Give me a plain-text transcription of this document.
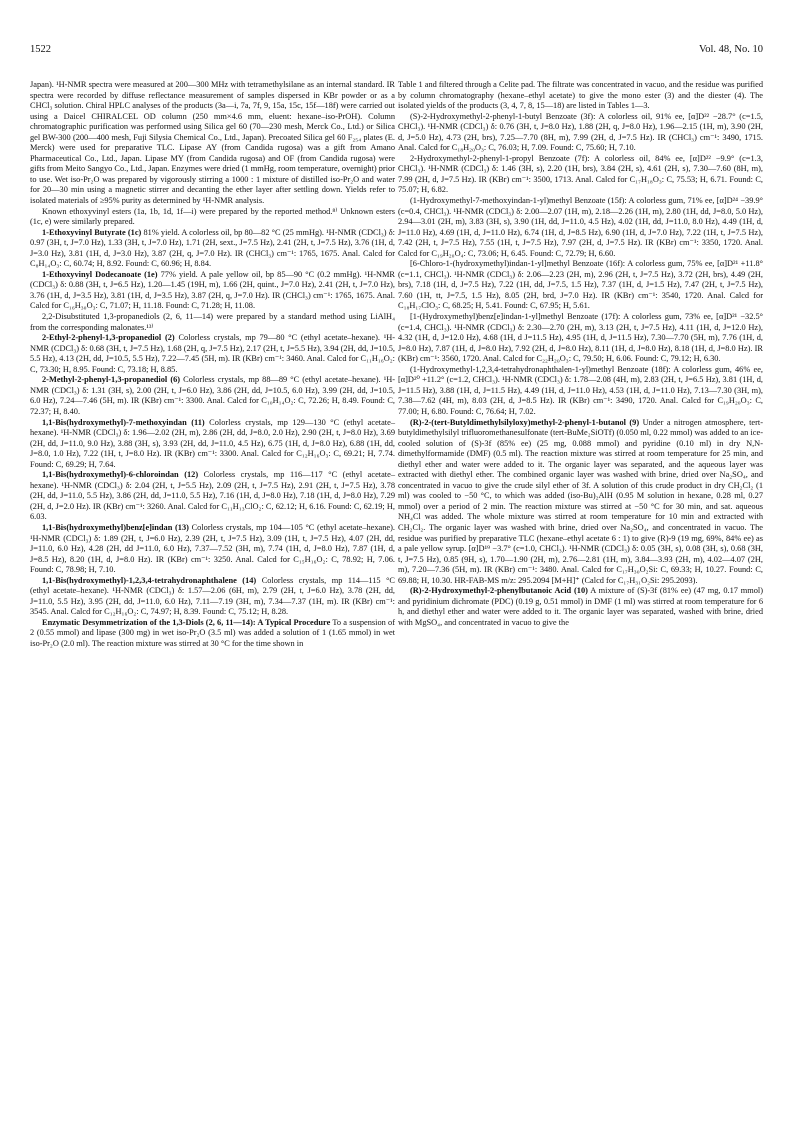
1522	Vol. 48, No. 10

Japan). ¹H-NMR spectra were measured at 200—300 MHz with tetramethylsilane as an internal standard. IR spectra were recorded by diffuse reflectance measurement of samples dispersed in KBr powder or as a CHCl₃ solution. Chiral HPLC analyses of the products (3a—i, 7a, 7f, 9, 15a, 15c, 15f—18f) were carried out using a Daicel CHIRALCEL OD column (250 mm×4.6 mm, eluent: hexane–iso-PrOH). Column chromatographic purification was performed using Silica gel 60 (70—230 mesh, Merck Co., Ltd.) or Silica gel BW-300 (200—400 mesh, Fuji Silysia Chemical Co., Ltd., Japan). Precoated Silica gel 60 F₂₅₄ plates (E. Merck) were used for preparative TLC. Lipase AY (from Candida rugosa) was a gift from Amano Pharmaceutical Co., Ltd., Japan. Lipase MY (from Candida rugosa) and OF (from Candida rugosa) were gifts from Meito Sangyo Co., Ltd., Japan. Enzymes were dried (1 mmHg, room temperature, overnight) prior to use. Wet iso-Pr₂O was prepared by vigorously stirring a 1000 : 1 mixture of distilled iso-Pr₂O and water for 20—30 min using a magnetic stirrer and decanting the ether layer after settling down. Yields refer to isolated materials of ≥95% purity as determined by ¹H-NMR analysis.

Known ethoxyvinyl esters (1a, 1b, 1d, 1f—i) were prepared by the reported method.⁸⁾ Unknown esters (1c, e) were similarly prepared.

1-Ethoxyvinyl Butyrate (1c) 81% yield. A colorless oil, bp 80—82 °C (25 mmHg). ¹H-NMR (CDCl₃) δ: 0.97 (3H, t, J=7.0 Hz), 1.33 (3H, t, J=7.0 Hz), 1.71 (2H, sext., J=7.5 Hz), 2.41 (2H, t, J=7.5 Hz), 3.76 (1H, d, J=3.0 Hz), 3.81 (1H, d, J=3.0 Hz), 3.87 (2H, q, J=7.0 Hz). IR (CHCl₃) cm⁻¹: 1765, 1675. Anal. Calcd for C₈H₁₄O₃: C, 60.74; H, 8.92. Found: C, 60.96; H, 8.84.

1-Ethoxyvinyl Dodecanoate (1e) 77% yield. A pale yellow oil, bp 85—90 °C (0.2 mmHg). ¹H-NMR (CDCl₃) δ: 0.88 (3H, t, J=6.5 Hz), 1.20—1.45 (19H, m), 1.66 (2H, quint., J=7.0 Hz), 2.41 (2H, t, J=7.0 Hz), 3.76 (1H, d, J=3.5 Hz), 3.81 (1H, d, J=3.5 Hz), 3.87 (2H, q, J=7.0 Hz). IR (CHCl₃) cm⁻¹: 1765, 1675. Anal. Calcd for C₁₆H₃₀O₃: C, 71.07; H, 11.18. Found: C, 71.28; H, 11.08.

2,2-Disubstituted 1,3-propanediols (2, 6, 11—14) were prepared by a standard method using LiAlH₄ from the corresponding malonates.¹³⁾

2-Ethyl-2-phenyl-1,3-propanediol (2) Colorless crystals, mp 79—80 °C (ethyl acetate–hexane). ¹H-NMR (CDCl₃) δ: 0.68 (3H, t, J=7.5 Hz), 1.68 (2H, q, J=7.5 Hz), 2.17 (2H, t, J=5.5 Hz), 3.94 (2H, dd, J=10.5, 5.5 Hz), 4.13 (2H, dd, J=10.5, 5.5 Hz), 7.22—7.45 (5H, m). IR (KBr) cm⁻¹: 3460. Anal. Calcd for C₁₁H₁₆O₂: C, 73.30; H, 8.95. Found: C, 73.18; H, 8.85.

2-Methyl-2-phenyl-1,3-propanediol (6) Colorless crystals, mp 88—89 °C (ethyl acetate–hexane). ¹H-NMR (CDCl₃) δ: 1.31 (3H, s), 2.00 (2H, t, J=6.0 Hz), 3.86 (2H, dd, J=10.5, 6.0 Hz), 3.99 (2H, dd, J=10.5, 6.0 Hz), 7.24—7.46 (5H, m). IR (KBr) cm⁻¹: 3300. Anal. Calcd for C₁₀H₁₄O₂: C, 72.26; H, 8.49. Found: C, 72.37; H, 8.40.

1,1-Bis(hydroxymethyl)-7-methoxyindan (11) Colorless crystals, mp 129—130 °C (ethyl acetate–hexane). ¹H-NMR (CDCl₃) δ: 1.96—2.02 (2H, m), 2.86 (2H, dd, J=8.0, 2.0 Hz), 2.90 (2H, t, J=8.0 Hz), 3.69 (2H, dd, J=11.0, 9.0 Hz), 3.88 (3H, s), 3.93 (2H, dd, J=11.0, 4.5 Hz), 6.75 (1H, d, J=8.0 Hz), 6.88 (1H, dd, J=8.0, 1.0 Hz), 7.22 (1H, t, J=8.0 Hz). IR (KBr) cm⁻¹: 3300. Anal. Calcd for C₁₂H₁₆O₃: C, 69.21; H, 7.74. Found: C, 69.29; H, 7.64.

1,1-Bis(hydroxymethyl)-6-chloroindan (12) Colorless crystals, mp 116—117 °C (ethyl acetate–hexane). ¹H-NMR (CDCl₃) δ: 2.04 (2H, t, J=5.5 Hz), 2.09 (2H, t, J=7.5 Hz), 2.91 (2H, t, J=7.5 Hz), 3.78 (2H, dd, J=11.0, 5.5 Hz), 3.86 (2H, dd, J=11.0, 5.5 Hz), 7.16 (1H, d, J=8.0 Hz), 7.18 (1H, d, J=8.0 Hz), 7.29 (2H, d, J=2.0 Hz). IR (KBr) cm⁻¹: 3260. Anal. Calcd for C₁₁H₁₃ClO₂: C, 62.12; H, 6.16. Found: C, 62.19; H, 6.03.

1,1-Bis(hydroxymethyl)benz[e]indan (13) Colorless crystals, mp 104—105 °C (ethyl acetate–hexane). ¹H-NMR (CDCl₃) δ: 1.89 (2H, t, J=6.0 Hz), 2.39 (2H, t, J=7.5 Hz), 3.09 (1H, t, J=7.5 Hz), 4.07 (2H, dd, J=11.0, 6.0 Hz), 4.28 (2H, dd J=11.0, 6.0 Hz), 7.37—7.52 (3H, m), 7.74 (1H, d, J=8.0 Hz), 7.87 (1H, d, J=8.5 Hz), 8.20 (1H, d, J=8.0 Hz). IR (KBr) cm⁻¹: 3250. Anal. Calcd for C₁₅H₁₆O₂: C, 78.92; H, 7.06. Found: C, 78.98; H, 7.10.

1,1-Bis(hydroxymethyl)-1,2,3,4-tetrahydronaphthalene (14) Colorless crystals, mp 114—115 °C (ethyl acetate–hexane). ¹H-NMR (CDCl₃) δ: 1.57—2.06 (6H, m), 2.79 (2H, t, J=6.0 Hz), 3.78 (2H, dd, J=11.0, 5.5 Hz), 3.95 (2H, dd, J=11.0, 6.0 Hz), 7.11—7.19 (3H, m), 7.34—7.37 (1H, m). IR (KBr) cm⁻¹: 3545. Anal. Calcd for C₁₂H₁₆O₂: C, 74.97; H, 8.39. Found: C, 75.12; H, 8.28.

Enzymatic Desymmetrization of the 1,3-Diols (2, 6, 11—14): A Typical Procedure To a suspension of 2 (0.55 mmol) and lipase (300 mg) in wet iso-Pr₂O (3.5 ml) was added a solution of 1 (1.65 mmol) in wet iso-Pr₂O (2.0 ml). The reaction mixture was stirred at 30 °C for the time shown in

Table 1 and filtered through a Celite pad. The filtrate was concentrated in vacuo, and the residue was purified by column chromatography (hexane–ethyl acetate) to give the mono ester (3) and the diester (4). The isolated yields of the products (3, 4, 7, 8, 15—18) are listed in Tables 1—3.

(S)-2-Hydroxymethyl-2-phenyl-1-butyl Benzoate (3f): A colorless oil, 91% ee, [α]D²² −28.7° (c=1.5, CHCl₃). ¹H-NMR (CDCl₃) δ: 0.76 (3H, t, J=8.0 Hz), 1.88 (2H, q, J=8.0 Hz), 1.96—2.15 (1H, m), 3.90 (2H, d, J=5.0 Hz), 4.73 (2H, brs), 7.25—7.70 (8H, m), 7.99 (2H, d, J=7.5 Hz). IR (CHCl₃) cm⁻¹: 3490, 1715. Anal. Calcd for C₁₈H₂₀O₃: C, 76.03; H, 7.09. Found: C, 75.60; H, 7.10.

2-Hydroxymethyl-2-phenyl-1-propyl Benzoate (7f): A colorless oil, 84% ee, [α]D²² −9.9° (c=1.3, CHCl₃). ¹H-NMR (CDCl₃) δ: 1.46 (3H, s), 2.20 (1H, brs), 3.84 (2H, s), 4.61 (2H, s), 7.30—7.60 (8H, m), 7.99 (2H, d, J=7.5 Hz). IR (KBr) cm⁻¹: 3500, 1713. Anal. Calcd for C₁₇H₁₈O₃: C, 75.53; H, 6.71. Found: C, 75.07; H, 6.82.

(1-Hydroxymethyl-7-methoxyindan-1-yl)methyl Benzoate (15f): A colorless gum, 71% ee, [α]D²⁴ −39.9° (c=0.4, CHCl₃). ¹H-NMR (CDCl₃) δ: 2.00—2.07 (1H, m), 2.18—2.26 (1H, m), 2.80 (1H, dd, J=8.0, 5.0 Hz), 2.94—3.01 (2H, m), 3.83 (3H, s), 3.90 (1H, dd, J=11.0, 4.5 Hz), 4.02 (1H, dd, J=11.0, 8.0 Hz), 4.49 (1H, d, J=11.0 Hz), 4.69 (1H, d, J=11.0 Hz), 6.74 (1H, d, J=8.5 Hz), 6.90 (1H, d, J=7.0 Hz), 7.22 (1H, t, J=7.5 Hz), 7.42 (2H, t, J=7.5 Hz), 7.55 (1H, t, J=7.5 Hz), 7.97 (2H, d, J=7.5 Hz). IR (KBr) cm⁻¹: 3350, 1720. Anal. Calcd for C₁₉H₂₀O₄: C, 73.06; H, 6.45. Found: C, 72.79; H, 6.60.

[6-Chloro-1-(hydroxymethyl)indan-1-yl]methyl Benzoate (16f): A colorless gum, 75% ee, [α]D²¹ +11.8° (c=1.1, CHCl₃). ¹H-NMR (CDCl₃) δ: 2.06—2.23 (2H, m), 2.96 (2H, t, J=7.5 Hz), 3.72 (2H, brs), 4.49 (2H, brs), 7.18 (1H, d, J=7.5 Hz), 7.22 (1H, dd, J=7.5, 1.5 Hz), 7.37 (1H, d, J=1.5 Hz), 7.47 (2H, t, J=7.5 Hz), 7.60 (1H, tt, J=7.5, 1.5 Hz), 8.05 (2H, brd, J=7.0 Hz). IR (KBr) cm⁻¹: 3540, 1720. Anal. Calcd for C₁₈H₁₇ClO₃: C, 68.25; H, 5.41. Found: C, 67.95; H, 5.61.

[1-(Hydroxymethyl)benz[e]indan-1-yl]methyl Benzoate (17f): A colorless gum, 73% ee, [α]D²¹ −32.5° (c=1.4, CHCl₃). ¹H-NMR (CDCl₃) δ: 2.30—2.70 (2H, m), 3.13 (2H, t, J=7.5 Hz), 4.11 (1H, d, J=12.0 Hz), 4.32 (1H, d, J=12.0 Hz), 4.68 (1H, d J=11.5 Hz), 4.95 (1H, d, J=11.5 Hz), 7.30—7.70 (5H, m), 7.76 (1H, d, J=8.0 Hz), 7.87 (1H, d, J=8.0 Hz), 7.92 (2H, d, J=8.0 Hz), 8.11 (1H, d, J=8.0 Hz), 8.18 (1H, d, J=8.0 Hz). IR (KBr) cm⁻¹: 3560, 1720. Anal. Calcd for C₂₂H₂₀O₃: C, 79.50; H, 6.06. Found: C, 79.12; H, 6.30.

(1-Hydroxymethyl-1,2,3,4-tetrahydronaphthalen-1-yl)methyl Benzoate (18f): A colorless gum, 46% ee, [α]D²⁰ +11.2° (c=1.2, CHCl₃). ¹H-NMR (CDCl₃) δ: 1.78—2.08 (4H, m), 2.83 (2H, t, J=6.5 Hz), 3.81 (1H, d, J=11.5 Hz), 3.88 (1H, d, J=11.5 Hz), 4.49 (1H, d, J=11.0 Hz), 4.53 (1H, d, J=11.0 Hz), 7.13—7.30 (3H, m), 7.38—7.62 (4H, m), 8.03 (2H, d, J=8.5 Hz). IR (KBr) cm⁻¹: 3490, 1720. Anal. Calcd for C₁₉H₂₀O₃: C, 77.00; H, 6.80. Found: C, 76.64; H, 7.02.

(R)-2-(tert-Butyldimethylsilyloxy)methyl-2-phenyl-1-butanol (9) Under a nitrogen atmosphere, tert-butyldimethylsilyl trifluoromethanesulfonate (tert-BuMe₂SiOTf) (0.050 ml, 0.22 mmol) was added to an ice-cooled solution of (S)-3f (85% ee) (25 mg, 0.088 mmol) and pyridine (0.10 ml) in dry N,N-dimethylformamide (DMF) (0.5 ml). The reaction mixture was stirred at room temperature for 25 min, and diethyl ether and water were added to it. The organic layer was separated, and the aqueous layer was extracted with diethyl ether. The combined organic layer was washed with brine, dried over Na₂SO₄, and concentrated in vacuo to give the crude silyl ether of 3f. A solution of this crude product in dry CH₂Cl₂ (1 ml) was cooled to −50 °C, to which was added (iso-Bu)₂AlH (0.95 M solution in hexane, 0.28 ml, 0.27 mmol) over a period of 2 min. The reaction mixture was stirred at −50 °C for 30 min, and sat. aqueous NH₄Cl was added. The whole mixture was stirred at room temperature for 10 min and extracted with CH₂Cl₂. The organic layer was washed with brine, dried over Na₂SO₄, and concentrated in vacuo. The residue was purified by preparative TLC (hexane–ethyl acetate 6 : 1) to give (R)-9 (19 mg, 69%, 84% ee) as a pale yellow syrup. [α]D¹⁹ −3.7° (c=1.0, CHCl₃). ¹H-NMR (CDCl₃) δ: 0.05 (3H, s), 0.08 (3H, s), 0.68 (3H, t, J=7.5 Hz), 0.85 (9H, s), 1.70—1.90 (2H, m), 2.76—2.81 (1H, m), 3.84—3.93 (2H, m), 4.02—4.07 (2H, m), 7.20—7.36 (5H, m). IR (KBr) cm⁻¹: 3480. Anal. Calcd for C₁₇H₃₀O₂Si: C, 69.33; H, 10.27. Found: C, 69.88; H, 10.30. HR-FAB-MS m/z: 295.2094 [M+H]⁺ (Calcd for C₁₇H₃₁O₂Si: 295.2093).

(R)-2-Hydroxymethyl-2-phenylbutanoic Acid (10) A mixture of (S)-3f (81% ee) (47 mg, 0.17 mmol) and pyridinium dichromate (PDC) (0.19 g, 0.51 mmol) in DMF (1 ml) was stirred at room temperature for 6 h, and diethyl ether and water were added to it. The organic layer was separated, washed with brine, dried with MgSO₄, and concentrated in vacuo to give the
